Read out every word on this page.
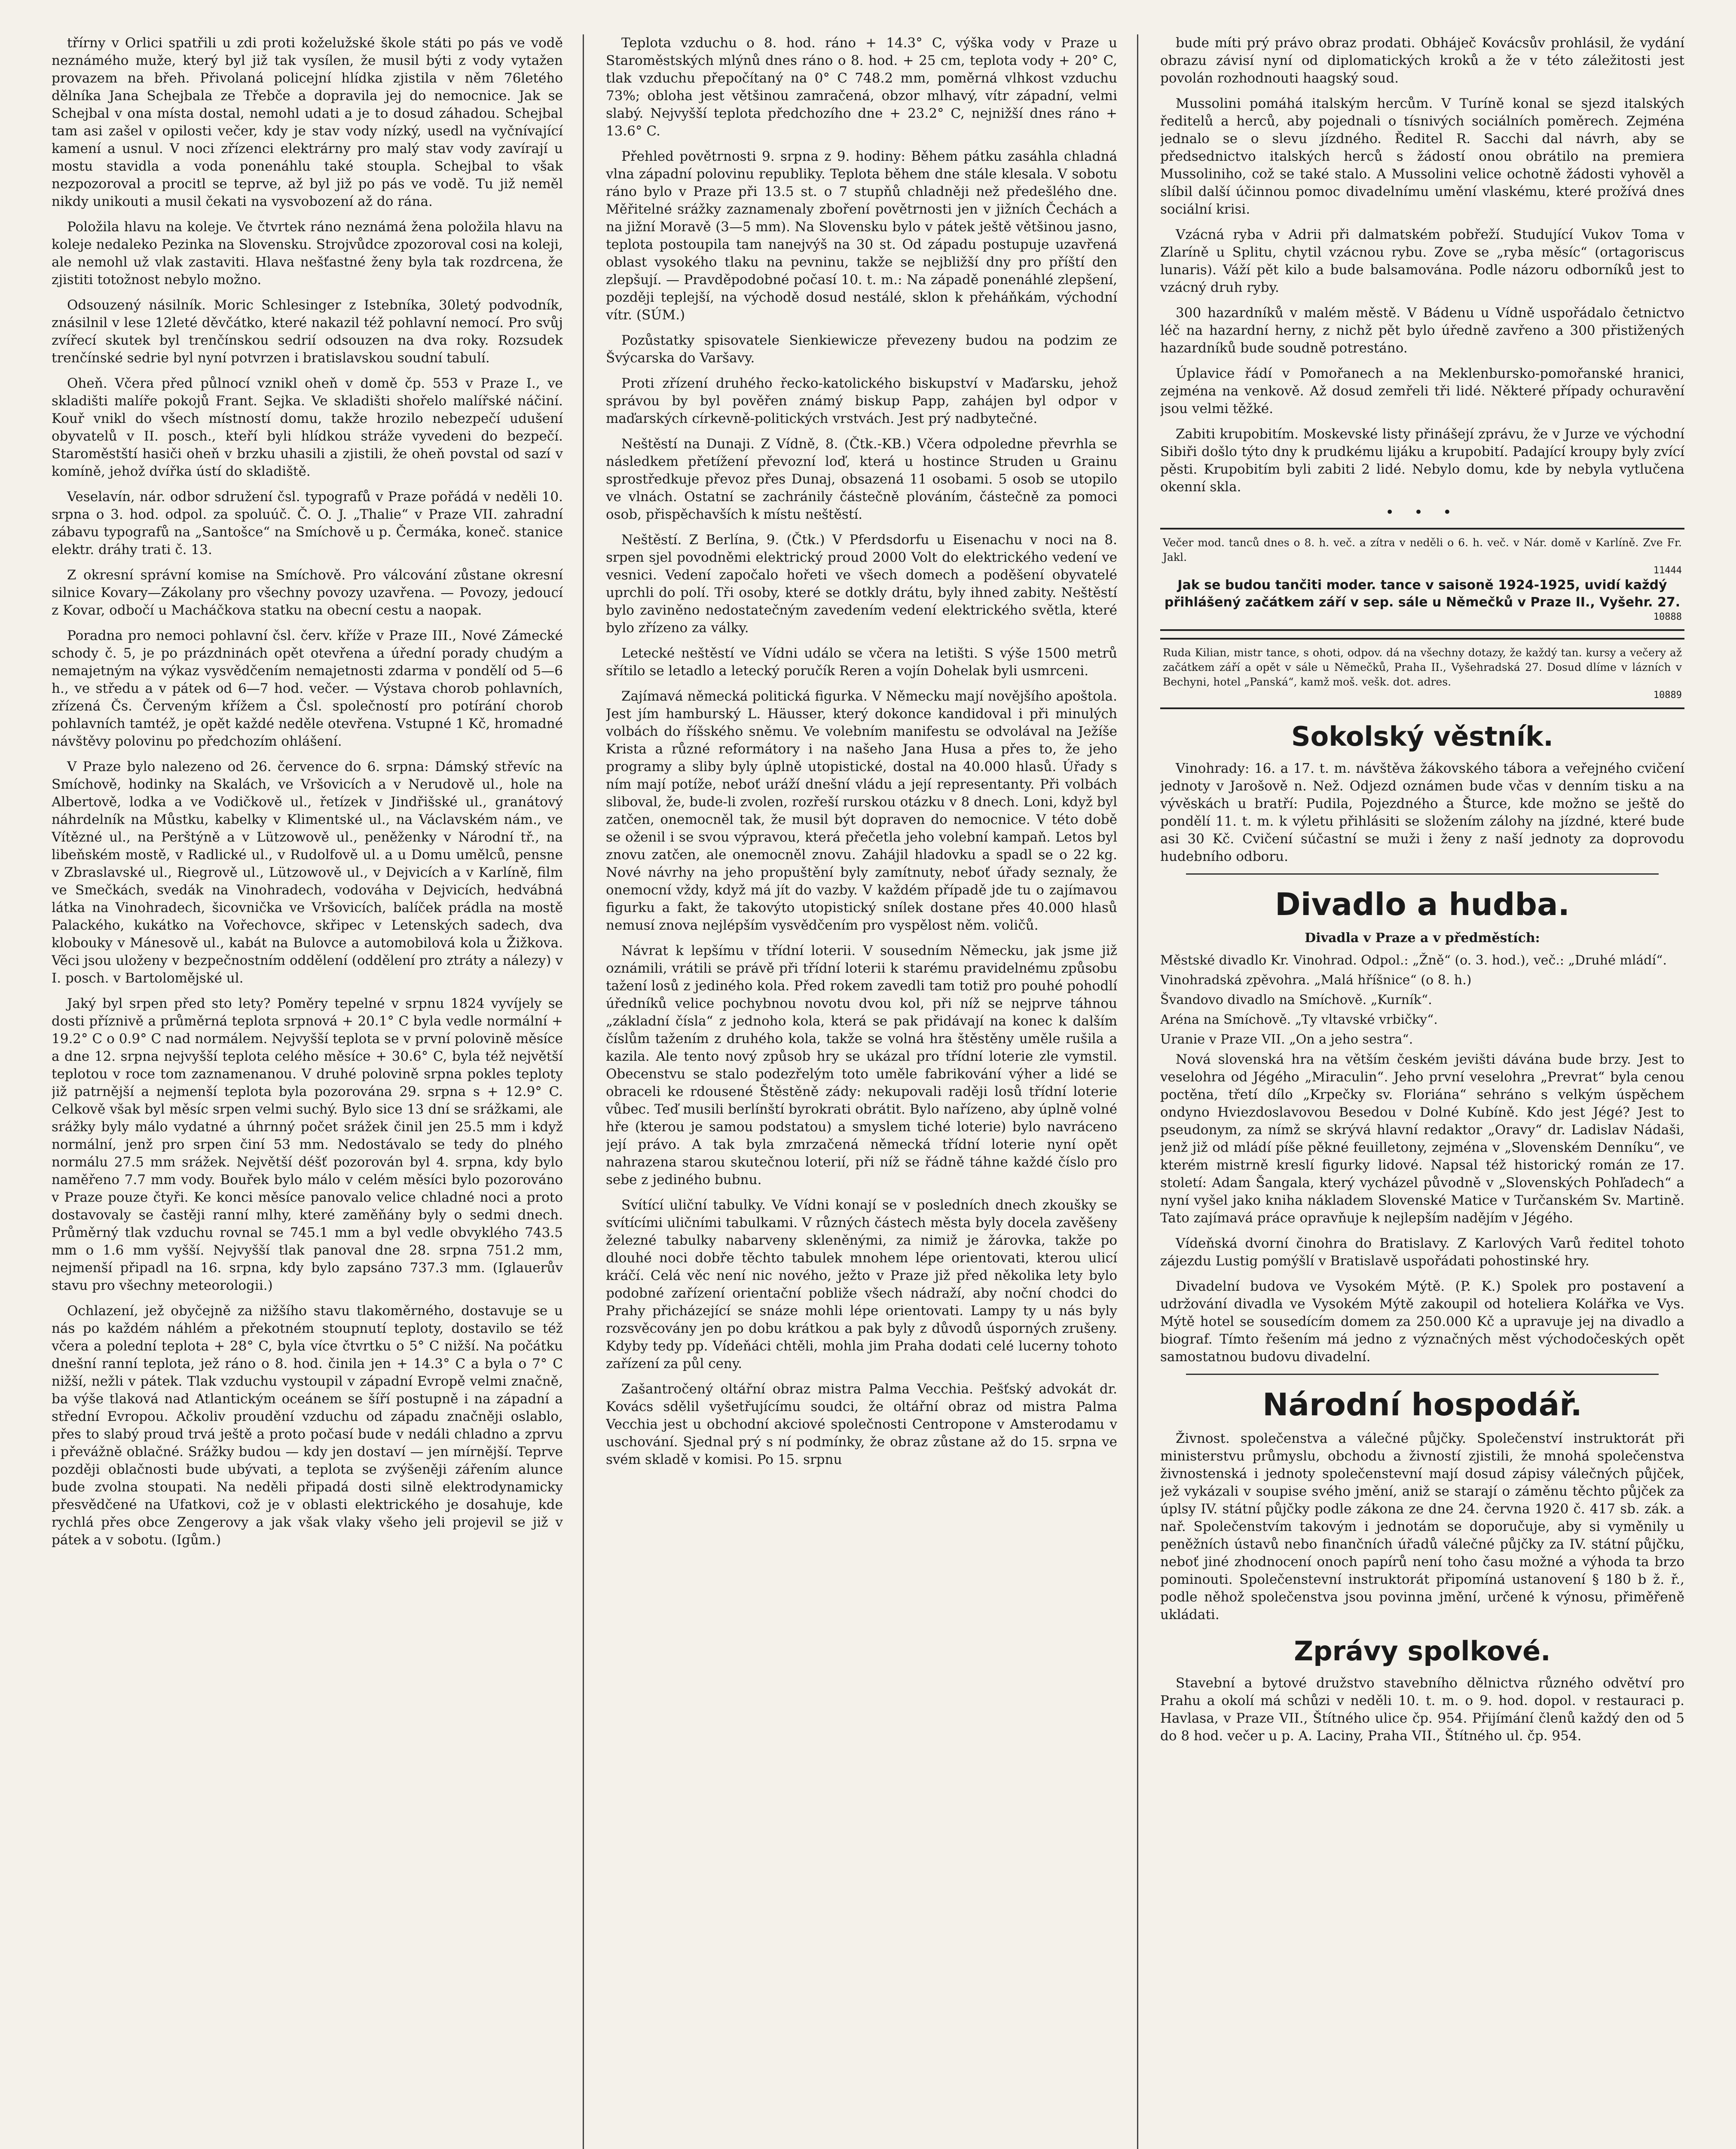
třírny v Orlici spatřili u zdi proti koželužské škole státi po pás ve vodě neznámého muže, který byl již tak vysílen, že musil býti z vody vytažen provazem na břeh. Přivolaná policejní hlídka zjistila v něm 76letého dělníka Jana Schejbala ze Třebče a dopravila jej do nemocnice. Jak se Schejbal v ona místa dostal, nemohl udati a je to dosud záhadou. Schejbal tam asi zašel v opilosti večer, kdy je stav vody nízký, usedl na vyčnívající kamení a usnul. V noci zřízenci elektrárny pro malý stav vody zavírají u mostu stavidla a voda ponenáhlu také stoupla. Schejbal to však nezpozoroval a procitl se teprve, až byl již po pás ve vodě. Tu již neměl nikdy unikouti a musil čekati na vysvobození až do rána.

Položila hlavu na koleje. Ve čtvrtek ráno neznámá žena položila hlavu na koleje nedaleko Pezinka na Slovensku. Strojvůdce zpozoroval cosi na koleji, ale nemohl už vlak zastaviti. Hlava nešťastné ženy byla tak rozdrcena, že zjistiti totožnost nebylo možno.

Odsouzený násilník. Moric Schlesinger z Istebníka, 30letý podvodník, znásilnil v lese 12leté děvčátko, které nakazil též pohlavní nemocí. Pro svůj zvířecí skutek byl trenčínskou sedrií odsouzen na dva roky. Rozsudek trenčínské sedrie byl nyní potvrzen i bratislavskou soudní tabulí.

Oheň. Včera před půlnocí vznikl oheň v domě čp. 553 v Praze I., ve skladišti malíře pokojů Frant. Sejka. Ve skladišti shořelo malířské náčiní. Kouř vnikl do všech místností domu, takže hrozilo nebezpečí udušení obyvatelů v II. posch., kteří byli hlídkou stráže vyvedeni do bezpečí. Staroměstští hasiči oheň v brzku uhasili a zjistili, že oheň povstal od sazí v komíně, jehož dvířka ústí do skladiště.

Veselavín, nár. odbor sdružení čsl. typografů v Praze pořádá v neděli 10. srpna o 3. hod. odpol. za spoluúč. Č. O. J. „Thalie“ v Praze VII. zahradní zábavu typografů na „Santošce“ na Smíchově u p. Čermáka, koneč. stanice elektr. dráhy trati č. 13.

Z okresní správní komise na Smíchově. Pro válcování zůstane okresní silnice Kovary—Zákolany pro všechny povozy uzavřena. — Povozy, jedoucí z Kovar, odbočí u Macháčkova statku na obecní cestu a naopak.

Poradna pro nemoci pohlavní čsl. červ. kříže v Praze III., Nové Zámecké schody č. 5, je po prázdninách opět otevřena a úřední porady chudým a nemajetným na výkaz vysvědčením nemajetnosti zdarma v pondělí od 5—6 h., ve středu a v pátek od 6—7 hod. večer. — Výstava chorob pohlavních, zřízená Čs. Červeným křížem a Čsl. společností pro potírání chorob pohlavních tamtéž, je opět každé neděle otevřena. Vstupné 1 Kč, hromadné návštěvy polovinu po předchozím ohlášení.

V Praze bylo nalezeno od 26. července do 6. srpna: Dámský střevíc na Smíchově, hodinky na Skalách, ve Vršovicích a v Nerudově ul., hole na Albertově, lodka a ve Vodičkově ul., řetízek v Jindřišské ul., granátový náhrdelník na Můstku, kabelky v Klimentské ul., na Václavském nám., ve Vítězné ul., na Perštýně a v Lützowově ul., peněženky v Národní tř., na libeňském mostě, v Radlické ul., v Rudolfově ul. a u Domu umělců, pensne v Zbraslavské ul., Riegrově ul., Lützowově ul., v Dejvicích a v Karlíně, film ve Smečkách, svedák na Vinohradech, vodováha v Dejvicích, hedvábná látka na Vinohradech, šicovnička ve Vršovicích, balíček prádla na mostě Palackého, kukátko na Vořechovce, skřipec v Letenských sadech, dva klobouky v Mánesově ul., kabát na Bulovce a automobilová kola u Žižkova. Věci jsou uloženy v bezpečnostním oddělení (oddělení pro ztráty a nálezy) v I. posch. v Bartolomějské ul.

Jaký byl srpen před sto lety? Poměry tepelné v srpnu 1824 vyvíjely se dosti příznivě a průměrná teplota srpnová + 20.1° C byla vedle normální + 19.2° C o 0.9° C nad normálem. Nejvyšší teplota se v první polovině měsíce a dne 12. srpna nejvyšší teplota celého měsíce + 30.6° C, byla též největší teplotou v roce tom zaznamenanou. V druhé polovině srpna pokles teploty již patrnější a nejmenší teplota byla pozorována 29. srpna s + 12.9° C. Celkově však byl měsíc srpen velmi suchý. Bylo sice 13 dní se srážkami, ale srážky byly málo vydatné a úhrnný počet srážek činil jen 25.5 mm i když normální, jenž pro srpen činí 53 mm. Nedostávalo se tedy do plného normálu 27.5 mm srážek. Největší déšť pozorován byl 4. srpna, kdy bylo naměřeno 7.7 mm vody. Bouřek bylo málo v celém měsíci bylo pozorováno v Praze pouze čtyři. Ke konci měsíce panovalo velice chladné noci a proto dostavovaly se častěji ranní mlhy, které zaměňány byly o sedmi dnech. Průměrný tlak vzduchu rovnal se 745.1 mm a byl vedle obvyklého 743.5 mm o 1.6 mm vyšší. Nejvyšší tlak panoval dne 28. srpna 751.2 mm, nejmenší připadl na 16. srpna, kdy bylo zapsáno 737.3 mm. (Iglauerův stavu pro všechny meteorologii.)

Ochlazení, jež obyčejně za nižšího stavu tlakoměrného, dostavuje se u nás po každém náhlém a překotném stoupnutí teploty, dostavilo se též včera a polední teplota + 28° C, byla více čtvrtku o 5° C nižší. Na počátku dnešní ranní teplota, jež ráno o 8. hod. činila jen + 14.3° C a byla o 7° C nižší, nežli v pátek. Tlak vzduchu vystoupil v západní Evropě velmi značně, ba výše tlaková nad Atlantickým oceánem se šíří postupně i na západní a střední Evropou. Ačkoliv proudění vzduchu od západu značněji oslablo, přes to slabý proud trvá ještě a proto počasí bude v nedáli chladno a zprvu i převážně oblačné. Srážky budou — kdy jen dostaví — jen mírnější. Teprve později oblačnosti bude ubývati, a teplota se zvýšeněji zářením alunce bude zvolna stoupati. Na neděli připadá dosti silně elektrodynamicky přesvědčené na Ufatkovi, což je v oblasti elektrického je dosahuje, kde rychlá přes obce Zengerovy a jak však vlaky všeho jeli projevil se již v pátek a v sobotu. (Igům.)

Teplota vzduchu o 8. hod. ráno + 14.3° C, výška vody v Praze u Staroměstských mlýnů dnes ráno o 8. hod. + 25 cm, teplota vody + 20° C, tlak vzduchu přepočítaný na 0° C 748.2 mm, poměrná vlhkost vzduchu 73%; obloha jest většinou zamračená, obzor mlhavý, vítr západní, velmi slabý. Nejvyšší teplota předchozího dne + 23.2° C, nejnižší dnes ráno + 13.6° C.

Přehled povětrnosti 9. srpna z 9. hodiny: Během pátku zasáhla chladná vlna západní polovinu republiky. Teplota během dne stále klesala. V sobotu ráno bylo v Praze při 13.5 st. o 7 stupňů chladněji než předešlého dne. Měřitelné srážky zaznamenaly zboření povětrnosti jen v jižních Čechách a na jižní Moravě (3—5 mm). Na Slovensku bylo v pátek ještě většinou jasno, teplota postoupila tam nanejvýš na 30 st. Od západu postupuje uzavřená oblast vysokého tlaku na pevninu, takže se nejbližší dny pro příští den zlepšují. — Pravděpodobné počasí 10. t. m.: Na západě ponenáhlé zlepšení, později teplejší, na východě dosud nestálé, sklon k přeháňkám, východní vítr. (SÚM.)

Pozůstatky spisovatele Sienkiewicze převezeny budou na podzim ze Švýcarska do Varšavy.

Proti zřízení druhého řecko-katolického biskupství v Maďarsku, jehož správou by byl pověřen známý biskup Papp, zahájen byl odpor v maďarských církevně-politických vrstvách. Jest prý nadbytečné.

Neštěstí na Dunaji. Z Vídně, 8. (Čtk.-KB.) Včera odpoledne převrhla se následkem přetížení převozní loď, která u hostince Struden u Grainu sprostředkuje převoz přes Dunaj, obsazená 11 osobami. 5 osob se utopilo ve vlnách. Ostatní se zachránily částečně plováním, částečně za pomoci osob, přispěchavších k místu neštěstí.

Neštěstí. Z Berlína, 9. (Čtk.) V Pferdsdorfu u Eisenachu v noci na 8. srpen sjel povodněmi elektrický proud 2000 Volt do elektrického vedení ve vesnici. Vedení započalo hořeti ve všech domech a poděšení obyvatelé uprchli do polí. Tři osoby, které se dotkly drátu, byly ihned zabity. Neštěstí bylo zaviněno nedostatečným zavedením vedení elektrického světla, které bylo zřízeno za války.

Letecké neštěstí ve Vídni událo se včera na letišti. S výše 1500 metrů sřítilo se letadlo a letecký poručík Reren a vojín Dohelak byli usmrceni.

Zajímavá německá politická figurka. V Německu mají novějšího apoštola. Jest jím hamburský L. Häusser, který dokonce kandidoval i při minulých volbách do říšského sněmu. Ve volebním manifestu se odvolával na Ježíše Krista a různé reformátory i na našeho Jana Husa a přes to, že jeho programy a sliby byly úplně utopistické, dostal na 40.000 hlasů. Úřady s ním mají potíže, neboť uráží dnešní vládu a její representanty. Při volbách sliboval, že, bude-li zvolen, rozřeší rurskou otázku v 8 dnech. Loni, když byl zatčen, onemocněl tak, že musil být dopraven do nemocnice. V této době se oženil i se svou výpravou, která přečetla jeho volební kampaň. Letos byl znovu zatčen, ale onemocněl znovu. Zahájil hladovku a spadl se o 22 kg. Nové návrhy na jeho propuštění byly zamítnuty, neboť úřady seznaly, že onemocní vždy, když má jít do vazby. V každém případě jde tu o zajímavou figurku a fakt, že takovýto utopistický snílek dostane přes 40.000 hlasů nemusí znova nejlépším vysvědčením pro vyspělost něm. voličů.

Návrat k lepšímu v třídní loterii. V sousedním Německu, jak jsme již oznámili, vrátili se právě při třídní loterii k starému pravidelnému způsobu tažení losů z jediného kola. Před rokem zavedli tam totiž pro pouhé pohodlí úředníků velice pochybnou novotu dvou kol, při níž se nejprve táhnou „základní čísla“ z jednoho kola, která se pak přidávají na konec k dalším číslům tažením z druhého kola, takže se volná hra štěstěny uměle rušila a kazila. Ale tento nový způsob hry se ukázal pro třídní loterie zle vymstil. Obecenstvu se stalo podezřelým toto uměle fabrikování výher a lidé se obraceli ke rdousené Štěstěně zády: nekupovali raději losů třídní loterie vůbec. Teď musili berlínští byrokrati obrátit. Bylo nařízeno, aby úplně volné hře (kterou je samou podstatou) a smyslem tiché loterie) bylo navráceno její právo. A tak byla zmrzačená německá třídní loterie nyní opět nahrazena starou skutečnou loterií, při níž se řádně táhne každé číslo pro sebe z jediného bubnu.

Svítící uliční tabulky. Ve Vídni konají se v posledních dnech zkoušky se svítícími uličními tabulkami. V různých částech města byly docela zavěšeny železné tabulky nabarveny skleněnými, za nimiž je žárovka, takže po dlouhé noci dobře těchto tabulek mnohem lépe orientovati, kterou ulicí kráčí. Celá věc není nic nového, ježto v Praze již před několika lety bylo podobné zařízení orientační pobliže všech nádraží, aby noční chodci do Prahy přicházející se snáze mohli lépe orientovati. Lampy ty u nás byly rozsvěcovány jen po dobu krátkou a pak byly z důvodů úsporných zrušeny. Kdyby tedy pp. Vídeňáci chtěli, mohla jim Praha dodati celé lucerny tohoto zařízení za půl ceny.

Zašantročený oltářní obraz mistra Palma Vecchia. Pešťský advokát dr. Kovács sdělil vyšetřujícímu soudci, že oltářní obraz od mistra Palma Vecchia jest u obchodní akciové společnosti Centropone v Amsterodamu v uschování. Sjednal prý s ní podmínky, že obraz zůstane až do 15. srpna ve svém skladě v komisi. Po 15. srpnu

bude míti prý právo obraz prodati. Obháječ Kovácsův prohlásil, že vydání obrazu závisí nyní od diplomatických kroků a že v této záležitosti jest povolán rozhodnouti haagský soud.

Mussolini pomáhá italským hercům. V Turíně konal se sjezd italských ředitelů a herců, aby pojednali o tísnivých sociálních poměrech. Zejména jednalo se o slevu jízdného. Ředitel R. Sacchi dal návrh, aby se předsednictvo italských herců s žádostí onou obrátilo na premiera Mussoliniho, což se také stalo. A Mussolini velice ochotně žádosti vyhověl a slíbil další účinnou pomoc divadelnímu umění vlaskému, které prožívá dnes sociální krisi.

Vzácná ryba v Adrii při dalmatském pobřeží. Studující Vukov Toma v Zlaríně u Splitu, chytil vzácnou rybu. Zove se „ryba měsíc“ (ortagoriscus lunaris). Váží pět kilo a bude balsamována. Podle názoru odborníků jest to vzácný druh ryby.

300 hazardníků v malém městě. V Bádenu u Vídně uspořádalo četnictvo léč na hazardní herny, z nichž pět bylo úředně zavřeno a 300 přistižených hazardníků bude soudně potrestáno.

Úplavice řádí v Pomořanech a na Meklenbursko-pomořanské hranici, zejména na venkově. Až dosud zemřeli tři lidé. Některé případy ochuravění jsou velmi těžké.

Zabiti krupobitím. Moskevské listy přinášejí zprávu, že v Jurze ve východní Sibiři došlo týto dny k prudkému lijáku a krupobití. Padající kroupy byly zvící pěsti. Krupobitím byli zabiti 2 lidé. Nebylo domu, kde by nebyla vytlučena okenní skla.

• • •

Večer mod. tanců dnes o 8. h. več. a zítra v neděli o 6. h. več. v Nár. domě v Karlíně. Zve Fr. Jakl.

11444

Jak se budou tančiti moder. tance v saisoně 1924-1925, uvidí každý přihlášený začátkem září v sep. sále u Němečků v Praze II., Vyšehr. 27.

10888

Ruda Kilian, mistr tance, s ohoti, odpov. dá na všechny dotazy, že každý tan. kursy a večery až začátkem září a opět v sále u Němečků, Praha II., Vyšehradská 27. Dosud dlíme v lázních v Bechyni, hotel „Panská“, kamž moš. vešk. dot. adres.

10889

Sokolský věstník.

Vinohrady: 16. a 17. t. m. návštěva žákovského tábora a veřejného cvičení jednoty v Jarošově n. Než. Odjezd oznámen bude včas v denním tisku a na vývěskách u bratří: Pudila, Pojezdného a Šturce, kde možno se ještě do pondělí 11. t. m. k výletu přihlásiti se složením zálohy na jízdné, které bude asi 30 Kč. Cvičení súčastní se muži i ženy z naší jednoty za doprovodu hudebního odboru.

Divadlo a hudba.
Divadla v Praze a v předměstích:

Městské divadlo Kr. Vinohrad. Odpol.: „Žně“ (o. 3. hod.), več.: „Druhé mládí“.

Vinohradská zpěvohra. „Malá hříšnice“ (o 8. h.)

Švandovo divadlo na Smíchově. „Kurník“.

Aréna na Smíchově. „Ty vltavské vrbičky“.

Uranie v Praze VII. „On a jeho sestra“.

Nová slovenská hra na větším českém jevišti dávána bude brzy. Jest to veselohra od Jégého „Miraculin“. Jeho první veselohra „Prevrat“ byla cenou poctěna, třetí dílo „Krpečky sv. Floriána“ sehráno s velkým úspěchem ondyno Hviezdoslavovou Besedou v Dolné Kubíně. Kdo jest Jégé? Jest to pseudonym, za nímž se skrývá hlavní redaktor „Oravy“ dr. Ladislav Nádaši, jenž již od mládí píše pěkné feuilletony, zejména v „Slovenském Denníku“, ve kterém mistrně kreslí figurky lidové. Napsal též historický román ze 17. století: Adam Šangala, který vycházel původně v „Slovenských Pohľadech“ a nyní vyšel jako kniha nákladem Slovenské Matice v Turčanském Sv. Martině. Tato zajímavá práce opravňuje k nejlepším nadějím v Jégého.

Vídeňská dvorní činohra do Bratislavy. Z Karlových Varů ředitel tohoto zájezdu Lustig pomýšlí v Bratislavě uspořádati pohostinské hry.

Divadelní budova ve Vysokém Mýtě. (P. K.) Spolek pro postavení a udržování divadla ve Vysokém Mýtě zakoupil od hoteliera Kolářka ve Vys. Mýtě hotel se sousedícím domem za 250.000 Kč a upravuje jej na divadlo a biograf. Tímto řešením má jedno z význačných měst východočeských opět samostatnou budovu divadelní.

Národní hospodář.

Živnost. společenstva a válečné půjčky. Společenství instruktorát při ministerstvu průmyslu, obchodu a živností zjistili, že mnohá společenstva živnostenská i jednoty společenstevní mají dosud zápisy válečných půjček, jež vykázali v soupise svého jmění, aniž se starají o záměnu těchto půjček za úplsy IV. státní půjčky podle zákona ze dne 24. června 1920 č. 417 sb. zák. a nař. Společenstvím takovým i jednotám se doporučuje, aby si vyměnily u peněžních ústavů nebo finančních úřadů válečné půjčky za IV. státní půjčku, neboť jiné zhodnocení onoch papírů není toho času možné a výhoda ta brzo pominouti. Společenstevní instruktorát připomíná ustanovení § 180 b ž. ř., podle něhož společenstva jsou povinna jmění, určené k výnosu, přiměřeně ukládati.

Zprávy spolkové.

Stavební a bytové družstvo stavebního dělnictva různého odvětví pro Prahu a okolí má schůzi v neděli 10. t. m. o 9. hod. dopol. v restauraci p. Havlasa, v Praze VII., Štítného ulice čp. 954. Přijímání členů každý den od 5 do 8 hod. večer u p. A. Laciny, Praha VII., Štítného ul. čp. 954.
